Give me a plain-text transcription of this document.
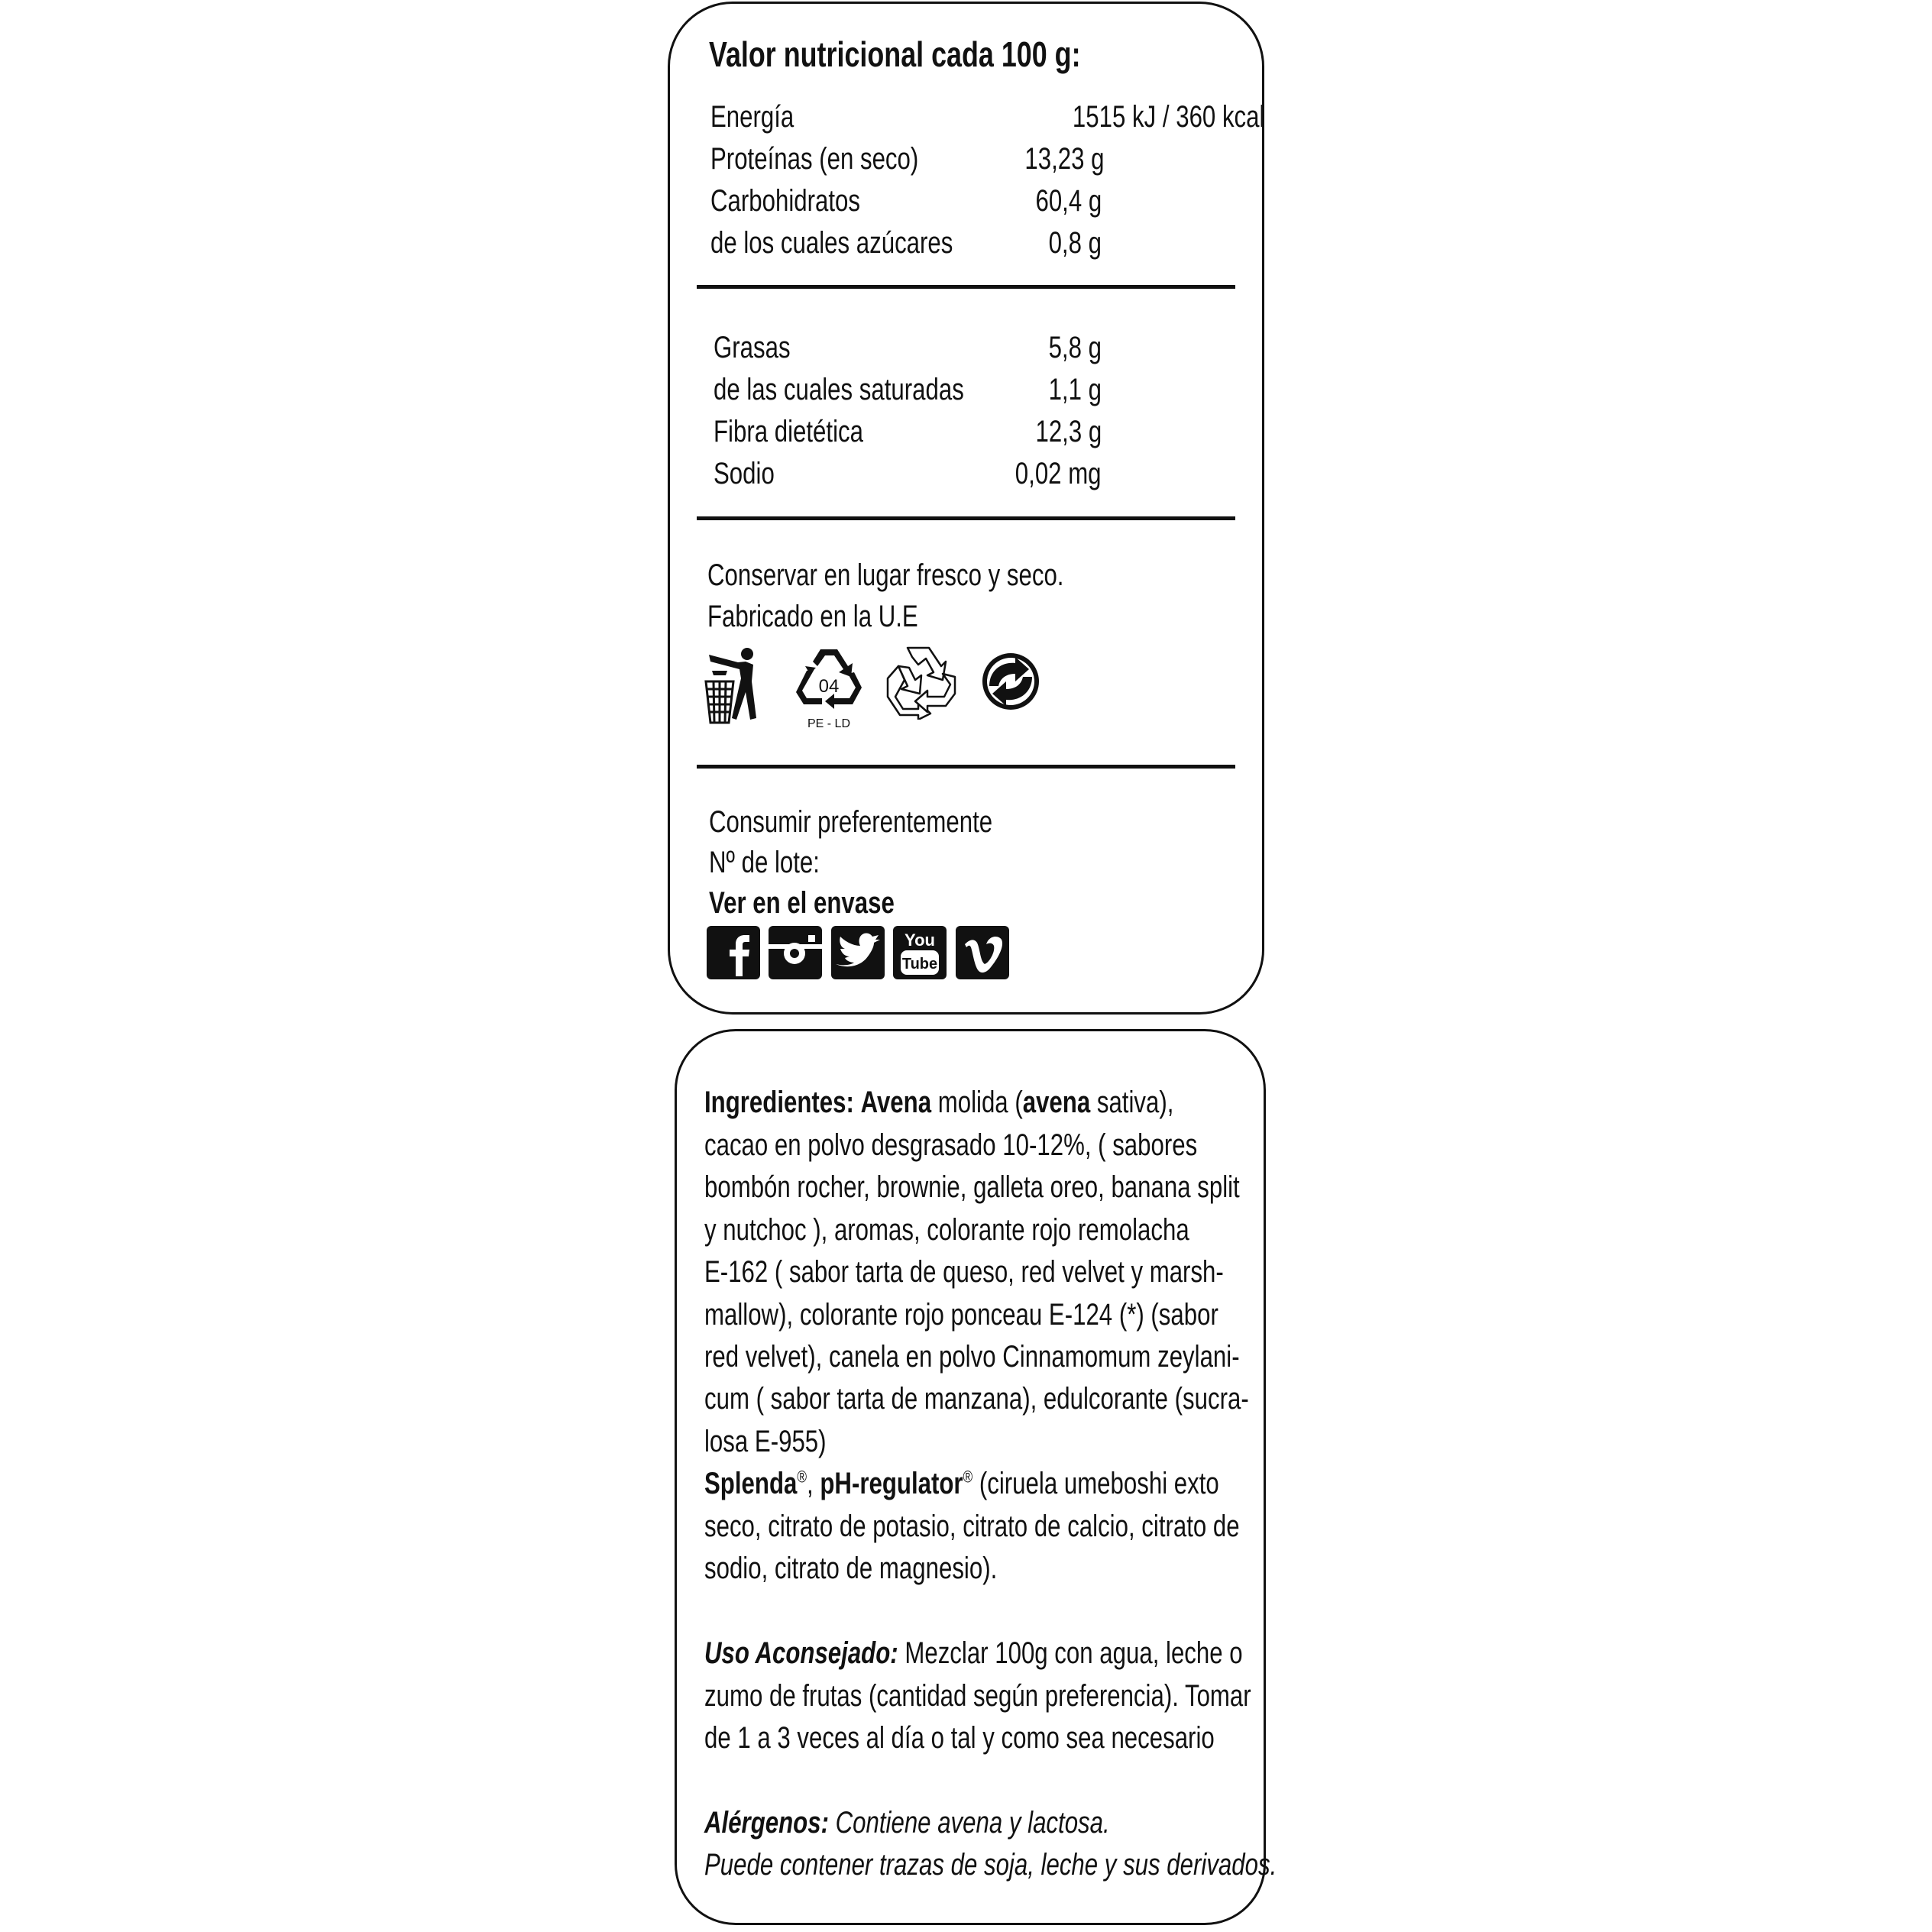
Valor nutricional cada 100 g:
Energía	1515 kJ / 360 kcal
Proteínas (en seco)	13,23 g
Carbohidratos	60,4 g
de los cuales azúcares	0,8 g
Grasas	5,8 g
de las cuales saturadas	1,1 g
Fibra dietética	12,3 g
Sodio	0,02 mg
Conservar en lugar fresco y seco.
Fabricado en la U.E
04
PE - LD
Consumir preferentemente
Nº de lote:
Ver en el envase
You
Tube
Ingredientes: Avena molida (avena sativa),
cacao en polvo desgrasado 10-12%, ( sabores
bombón rocher, brownie, galleta oreo, banana split
y nutchoc ), aromas, colorante rojo remolacha
E-162 ( sabor tarta de queso, red velvet y marsh-
mallow), colorante rojo ponceau E-124 (*) (sabor
red velvet), canela en polvo Cinnamomum zeylani-
cum ( sabor tarta de manzana), edulcorante (sucra-
losa E-955)
Splenda®, pH-regulator® (ciruela umeboshi exto
seco, citrato de potasio, citrato de calcio, citrato de
sodio, citrato de magnesio).
Uso Aconsejado: Mezclar 100g con agua, leche o
zumo de frutas (cantidad según preferencia). Tomar
de 1 a 3 veces al día o tal y como sea necesario
Alérgenos: Contiene avena y lactosa.
Puede contener trazas de soja, leche y sus derivados.
